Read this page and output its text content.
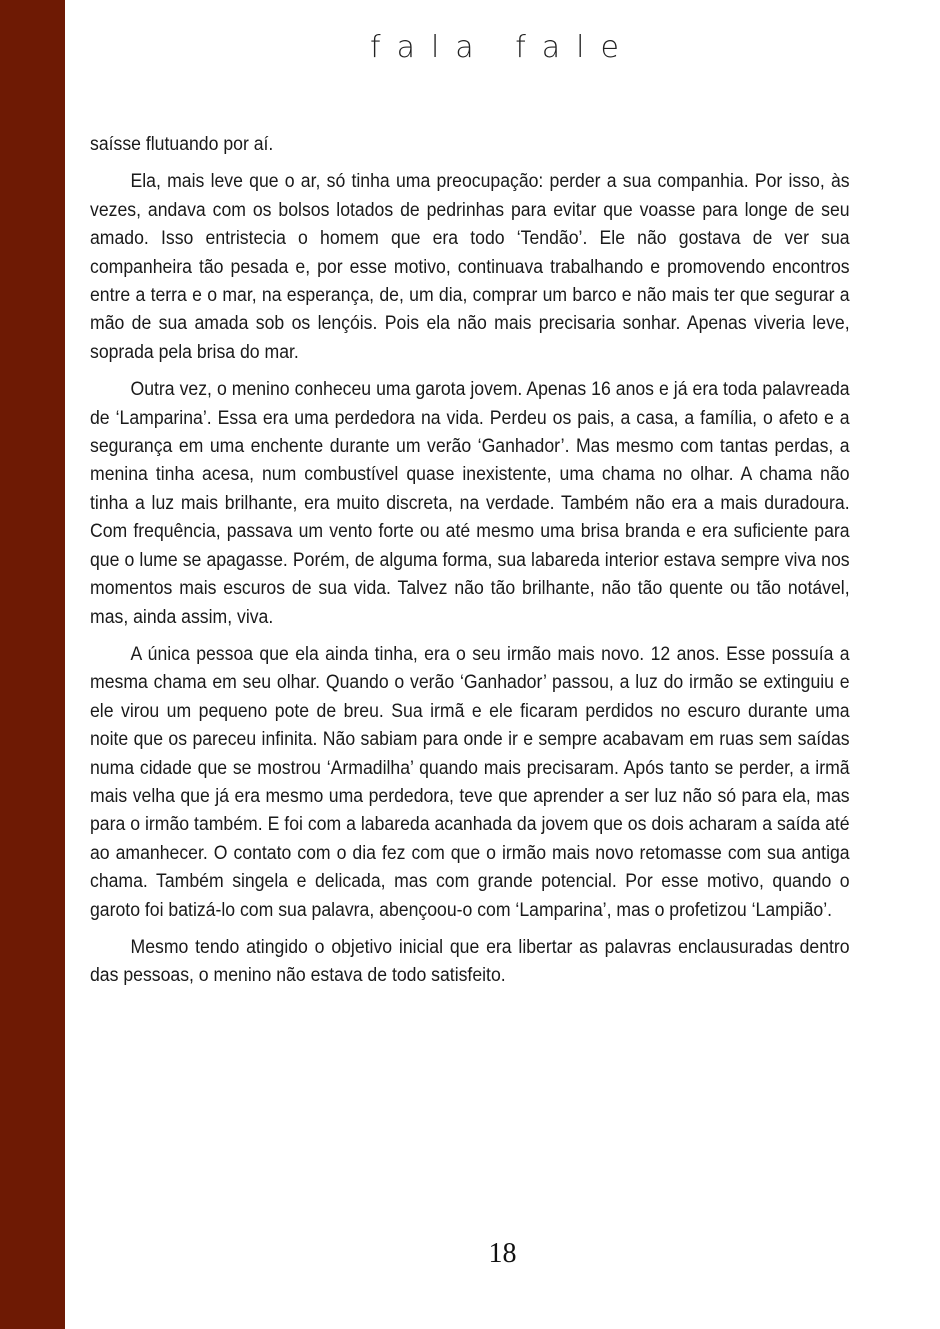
fala fale

saísse flutuando por aí.

Ela, mais leve que o ar, só tinha uma preocupação: perder a sua companhia. Por isso, às vezes, andava com os bolsos lotados de pedrinhas para evitar que voasse para longe de seu amado. Isso entristecia o homem que era todo ‘Tendão’. Ele não gostava de ver sua companheira tão pesada e, por esse motivo, continuava trabalhando e promovendo encontros entre a terra e o mar, na esperança, de, um dia, comprar um barco e não mais ter que segurar a mão de sua amada sob os lençóis. Pois ela não mais precisaria sonhar. Apenas viveria leve, soprada pela brisa do mar.

Outra vez, o menino conheceu uma garota jovem. Apenas 16 anos e já era toda palavreada de ‘Lamparina’. Essa era uma perdedora na vida. Perdeu os pais, a casa, a família, o afeto e a segurança em uma enchente durante um verão ‘Ganhador’. Mas mesmo com tantas perdas, a menina tinha acesa, num combustível quase inexistente, uma chama no olhar. A chama não tinha a luz mais brilhante, era muito discreta, na verdade. Também não era a mais duradoura. Com frequência, passava um vento forte ou até mesmo uma brisa branda e era suficiente para que o lume se apagasse. Porém, de alguma forma, sua labareda interior estava sempre viva nos momentos mais escuros de sua vida. Talvez não tão brilhante, não tão quente ou tão notável, mas, ainda assim, viva.

A única pessoa que ela ainda tinha, era o seu irmão mais novo. 12 anos. Esse possuía a mesma chama em seu olhar. Quando o verão ‘Ganhador’ passou, a luz do irmão se extinguiu e ele virou um pequeno pote de breu. Sua irmã e ele ficaram perdidos no escuro durante uma noite que os pareceu infinita. Não sabiam para onde ir e sempre acabavam em ruas sem saídas numa cidade que se mostrou ‘Armadilha’ quando mais precisaram. Após tanto se perder, a irmã mais velha que já era mesmo uma perdedora, teve que aprender a ser luz não só para ela, mas para o irmão também. E foi com a labareda acanhada da jovem que os dois acharam a saída até ao amanhecer. O contato com o dia fez com que o irmão mais novo retomasse com sua antiga chama. Também singela e delicada, mas com grande potencial. Por esse motivo, quando o garoto foi batizá-lo com sua palavra, abençoou-o com ‘Lamparina’, mas o profetizou ‘Lampião’.

Mesmo tendo atingido o objetivo inicial que era libertar as palavras enclausuradas dentro das pessoas, o menino não estava de todo satisfeito.

18
